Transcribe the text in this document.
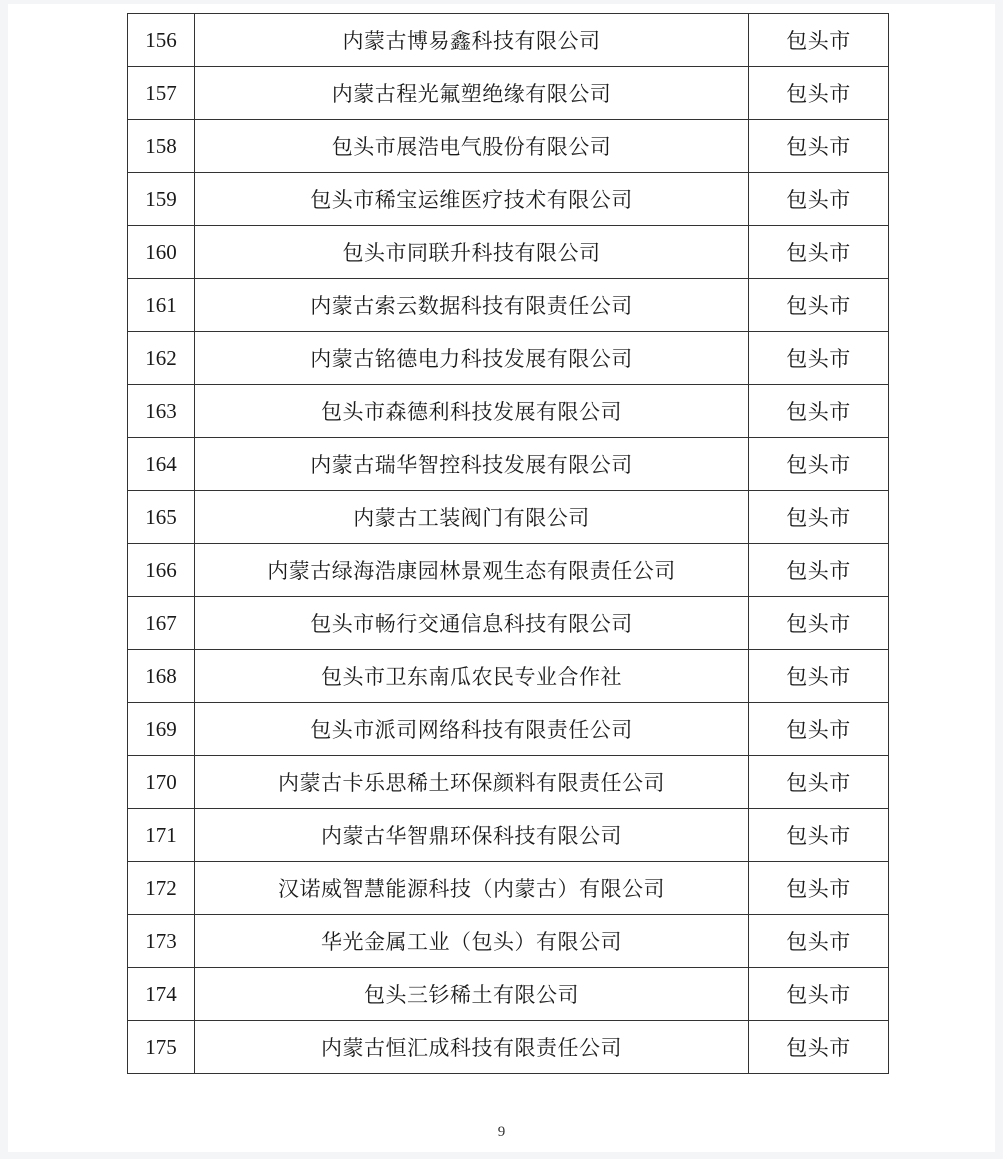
156	内蒙古博易鑫科技有限公司	包头市
157	内蒙古程光氟塑绝缘有限公司	包头市
158	包头市展浩电气股份有限公司	包头市
159	包头市稀宝运维医疗技术有限公司	包头市
160	包头市同联升科技有限公司	包头市
161	内蒙古索云数据科技有限责任公司	包头市
162	内蒙古铭德电力科技发展有限公司	包头市
163	包头市森德利科技发展有限公司	包头市
164	内蒙古瑞华智控科技发展有限公司	包头市
165	内蒙古工装阀门有限公司	包头市
166	内蒙古绿海浩康园林景观生态有限责任公司	包头市
167	包头市畅行交通信息科技有限公司	包头市
168	包头市卫东南瓜农民专业合作社	包头市
169	包头市派司网络科技有限责任公司	包头市
170	内蒙古卡乐思稀土环保颜料有限责任公司	包头市
171	内蒙古华智鼎环保科技有限公司	包头市
172	汉诺威智慧能源科技（内蒙古）有限公司	包头市
173	华光金属工业（包头）有限公司	包头市
174	包头三钐稀土有限公司	包头市
175	内蒙古恒汇成科技有限责任公司	包头市
9
